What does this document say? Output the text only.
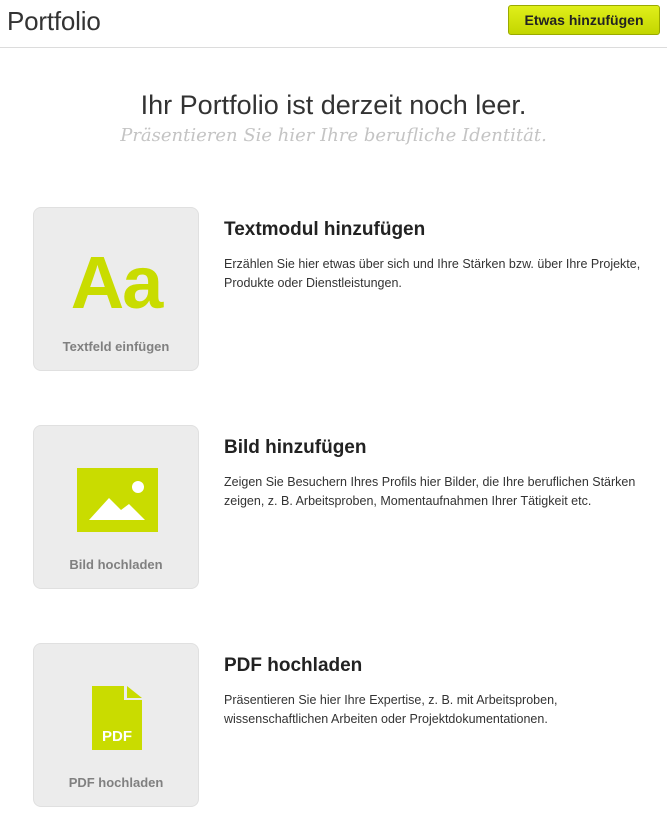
Portfolio	Etwas hinzufügen
Ihr Portfolio ist derzeit noch leer.
Präsentieren Sie hier Ihre berufliche Identität.
Aa
Textfeld einfügen
Textmodul hinzufügen
Erzählen Sie hier etwas über sich und Ihre Stärken bzw. über Ihre Projekte, Produkte oder Dienstleistungen.
Bild hochladen
Bild hinzufügen
Zeigen Sie Besuchern Ihres Profils hier Bilder, die Ihre beruflichen Stärken zeigen, z. B. Arbeitsproben, Momentaufnahmen Ihrer Tätigkeit etc.
PDF
PDF hochladen
PDF hochladen
Präsentieren Sie hier Ihre Expertise, z. B. mit Arbeitsproben, wissenschaftlichen Arbeiten oder Projektdokumentationen.
